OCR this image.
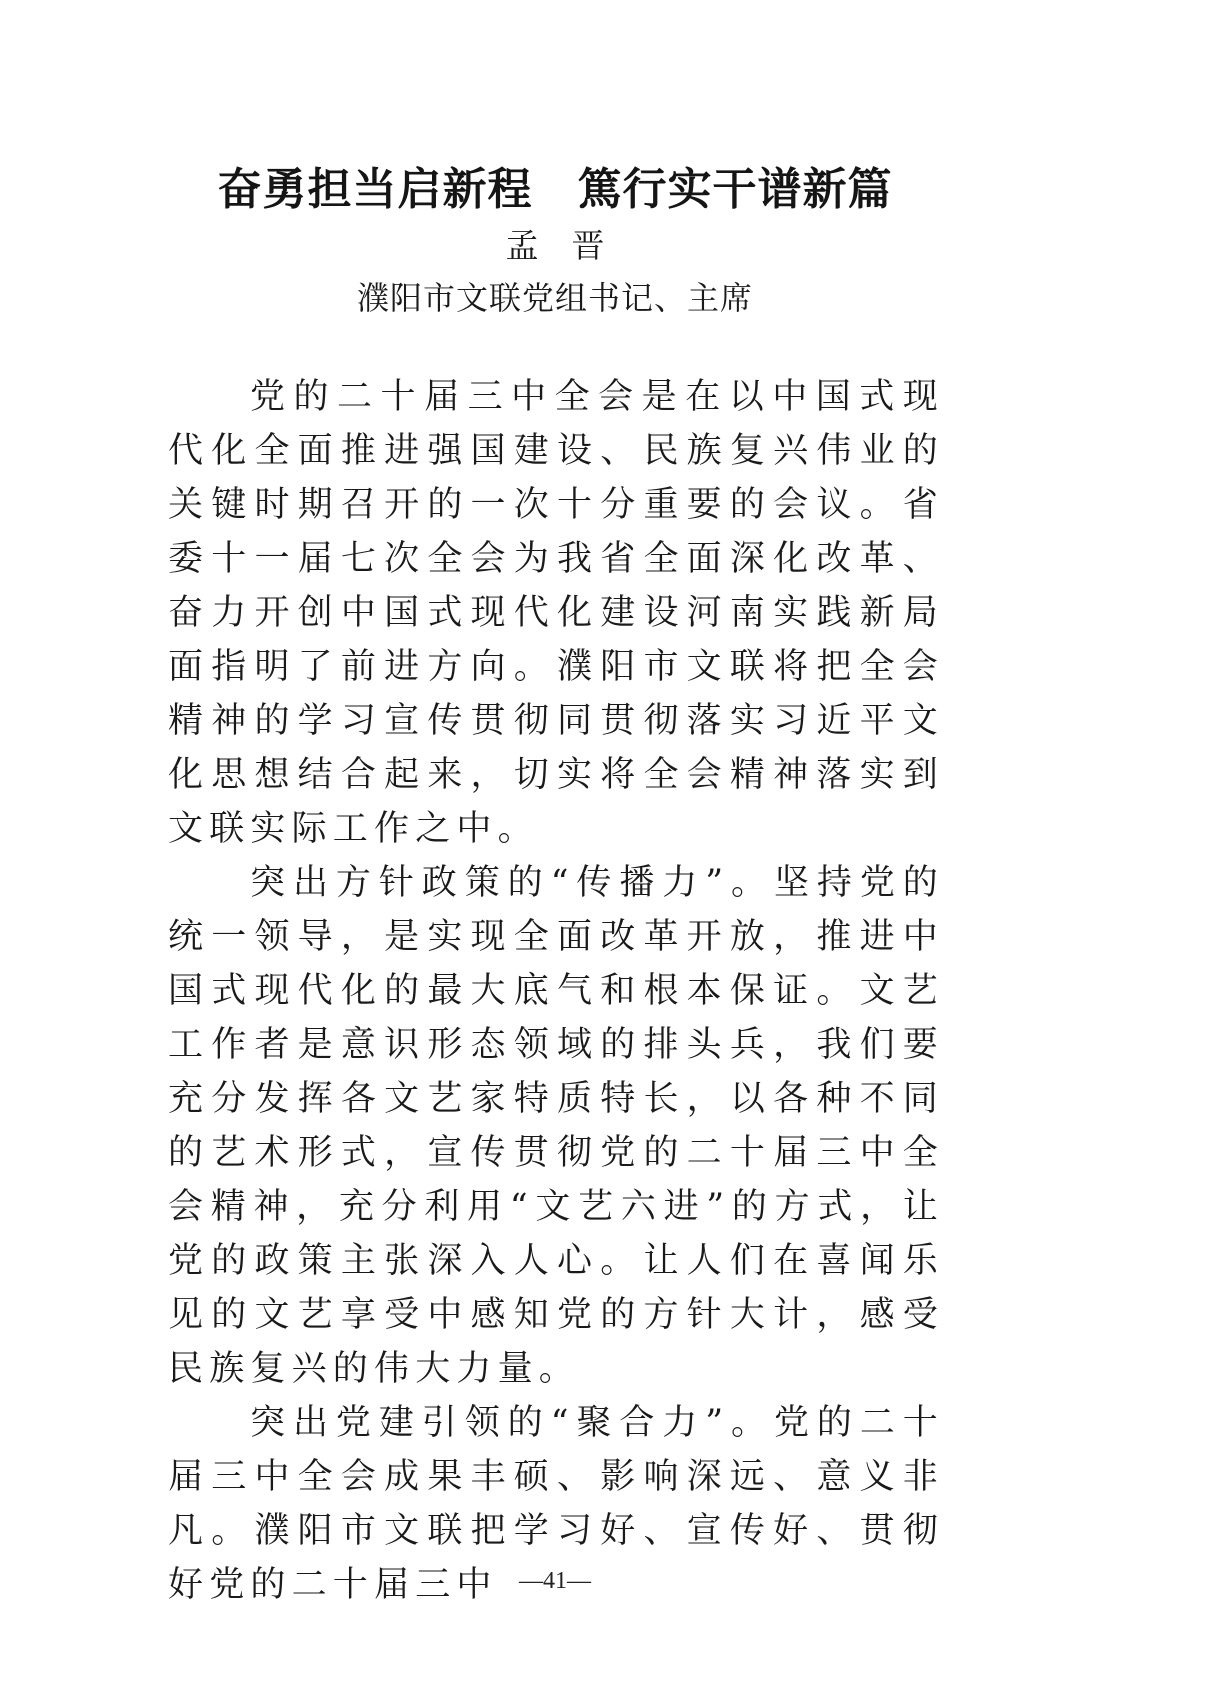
奋勇担当启新程　篤行实干谱新篇
孟　晋
濮阳市文联党组书记、主席

党的二十届三中全会是在以中国式现代化全面推进强国建设、民族复兴伟业的关键时期召开的一次十分重要的会议。省委十一届七次全会为我省全面深化改革、奋力开创中国式现代化建设河南实践新局面指明了前进方向。濮阳市文联将把全会精神的学习宣传贯彻同贯彻落实习近平文化思想结合起来，切实将全会精神落实到文联实际工作之中。

突出方针政策的“传播力”。坚持党的统一领导，是实现全面改革开放，推进中国式现代化的最大底气和根本保证。文艺工作者是意识形态领域的排头兵，我们要充分发挥各文艺家特质特长，以各种不同的艺术形式，宣传贯彻党的二十届三中全会精神，充分利用“文艺六进”的方式，让党的政策主张深入人心。让人们在喜闻乐见的文艺享受中感知党的方针大计，感受民族复兴的伟大力量。

突出党建引领的“聚合力”。党的二十届三中全会成果丰硕、影响深远、意义非凡。濮阳市文联把学习好、宣传好、贯彻好党的二十届三中 —41—
